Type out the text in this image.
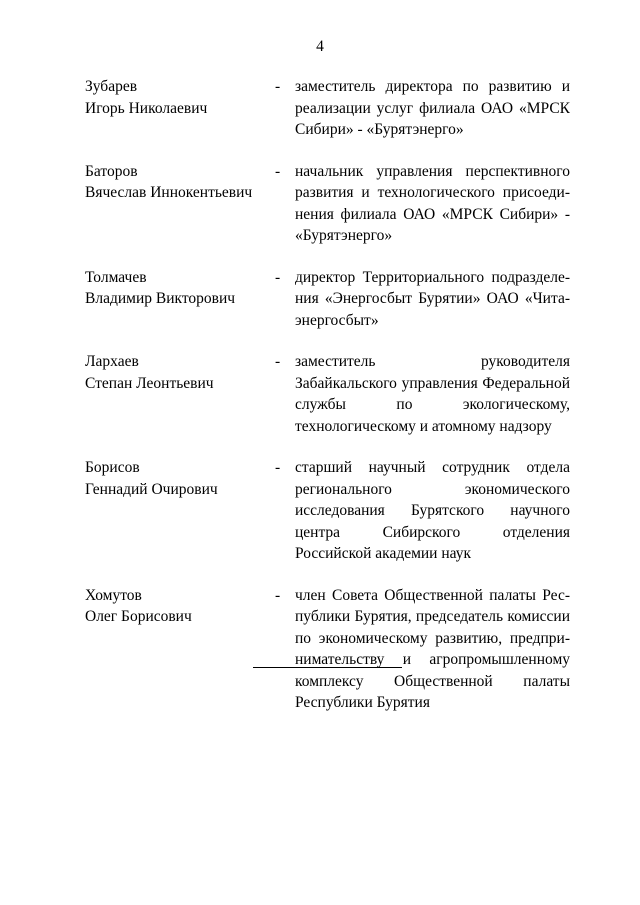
4
Зубарев
Игорь Николаевич
- заместитель директора по развитию и реализации услуг филиала ОАО «МРСК Сибири» - «Бурятэнерго»
Баторов
Вячеслав Иннокентьевич
- начальник управления перспективного развития и технологического присоединения филиала ОАО «МРСК Сибири» - «Бурятэнерго»
Толмачев
Владимир Викторович
- директор Территориального подразделения «Энергосбыт Бурятии» ОАО «Читаэнергосбыт»
Лархаев
Степан Леонтьевич
- заместитель руководителя Забайкальского управления Федеральной службы по экологическому, технологическому и атомному надзору
Борисов
Геннадий Очирович
- старший научный сотрудник отдела регионального экономического исследования Бурятского научного центра Сибирского отделения Российской академии наук
Хомутов
Олег Борисович
- член Совета Общественной палаты Республики Бурятия, председатель комиссии по экономическому развитию, предпринимательству и агропромышленному комплексу Общественной палаты Республики Бурятия
